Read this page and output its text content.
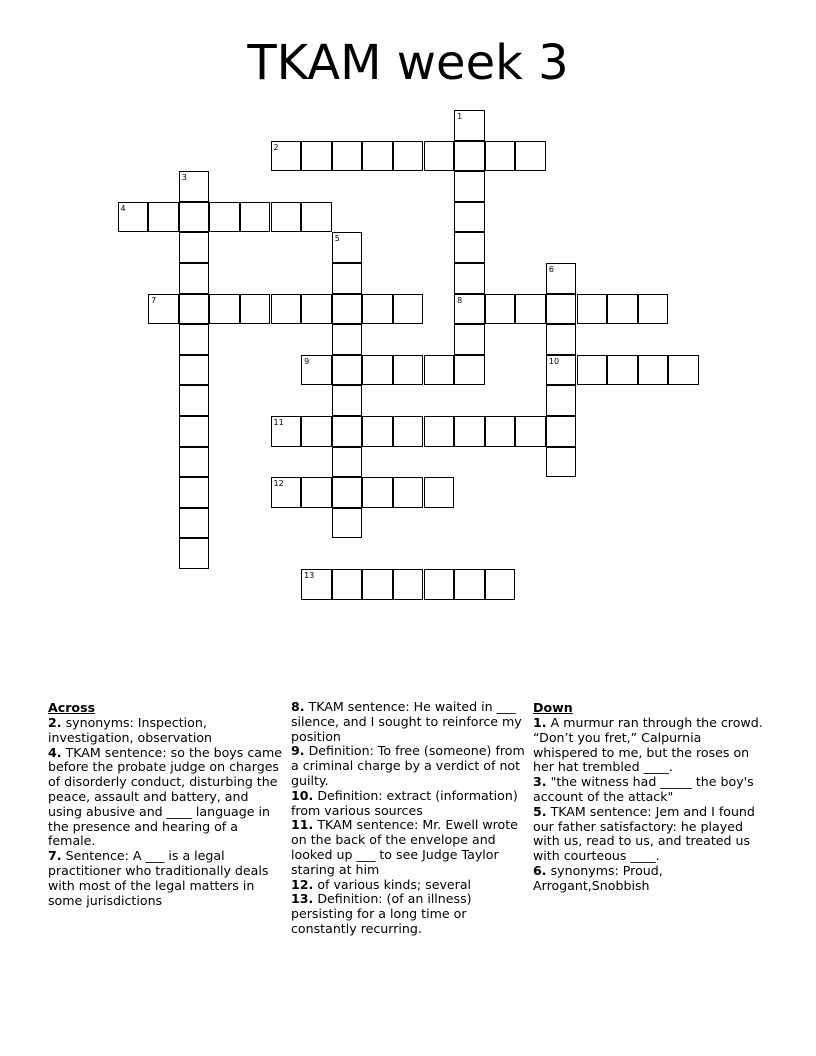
TKAM week 3
1
8
2
3
4
5
6
10
7
9
11
12
13
Across
2. synonyms: Inspection, investigation, observation
4. TKAM sentence: so the boys came before the probate judge on charges of disorderly conduct, disturbing the peace, assault and battery, and using abusive and ____ language in the presence and hearing of a female.
7. Sentence: A ___ is a legal practitioner who traditionally deals with most of the legal matters in some jurisdictions
8. TKAM sentence: He waited in ___ silence, and I sought to reinforce my position
9. Definition: To free (someone) from a criminal charge by a verdict of not guilty.
10. Definition: extract (information) from various sources
11. TKAM sentence: Mr. Ewell wrote on the back of the envelope and looked up ___ to see Judge Taylor staring at him
12. of various kinds; several
13. Definition: (of an illness) persisting for a long time or constantly recurring.
Down
1. A murmur ran through the crowd. “Don’t you fret,” Calpurnia whispered to me, but the roses on her hat trembled ____.
3. "the witness had _____ the boy's account of the attack"
5. TKAM sentence: Jem and I found our father satisfactory: he played with us, read to us, and treated us with courteous ____.
6. synonyms: Proud, Arrogant,Snobbish
